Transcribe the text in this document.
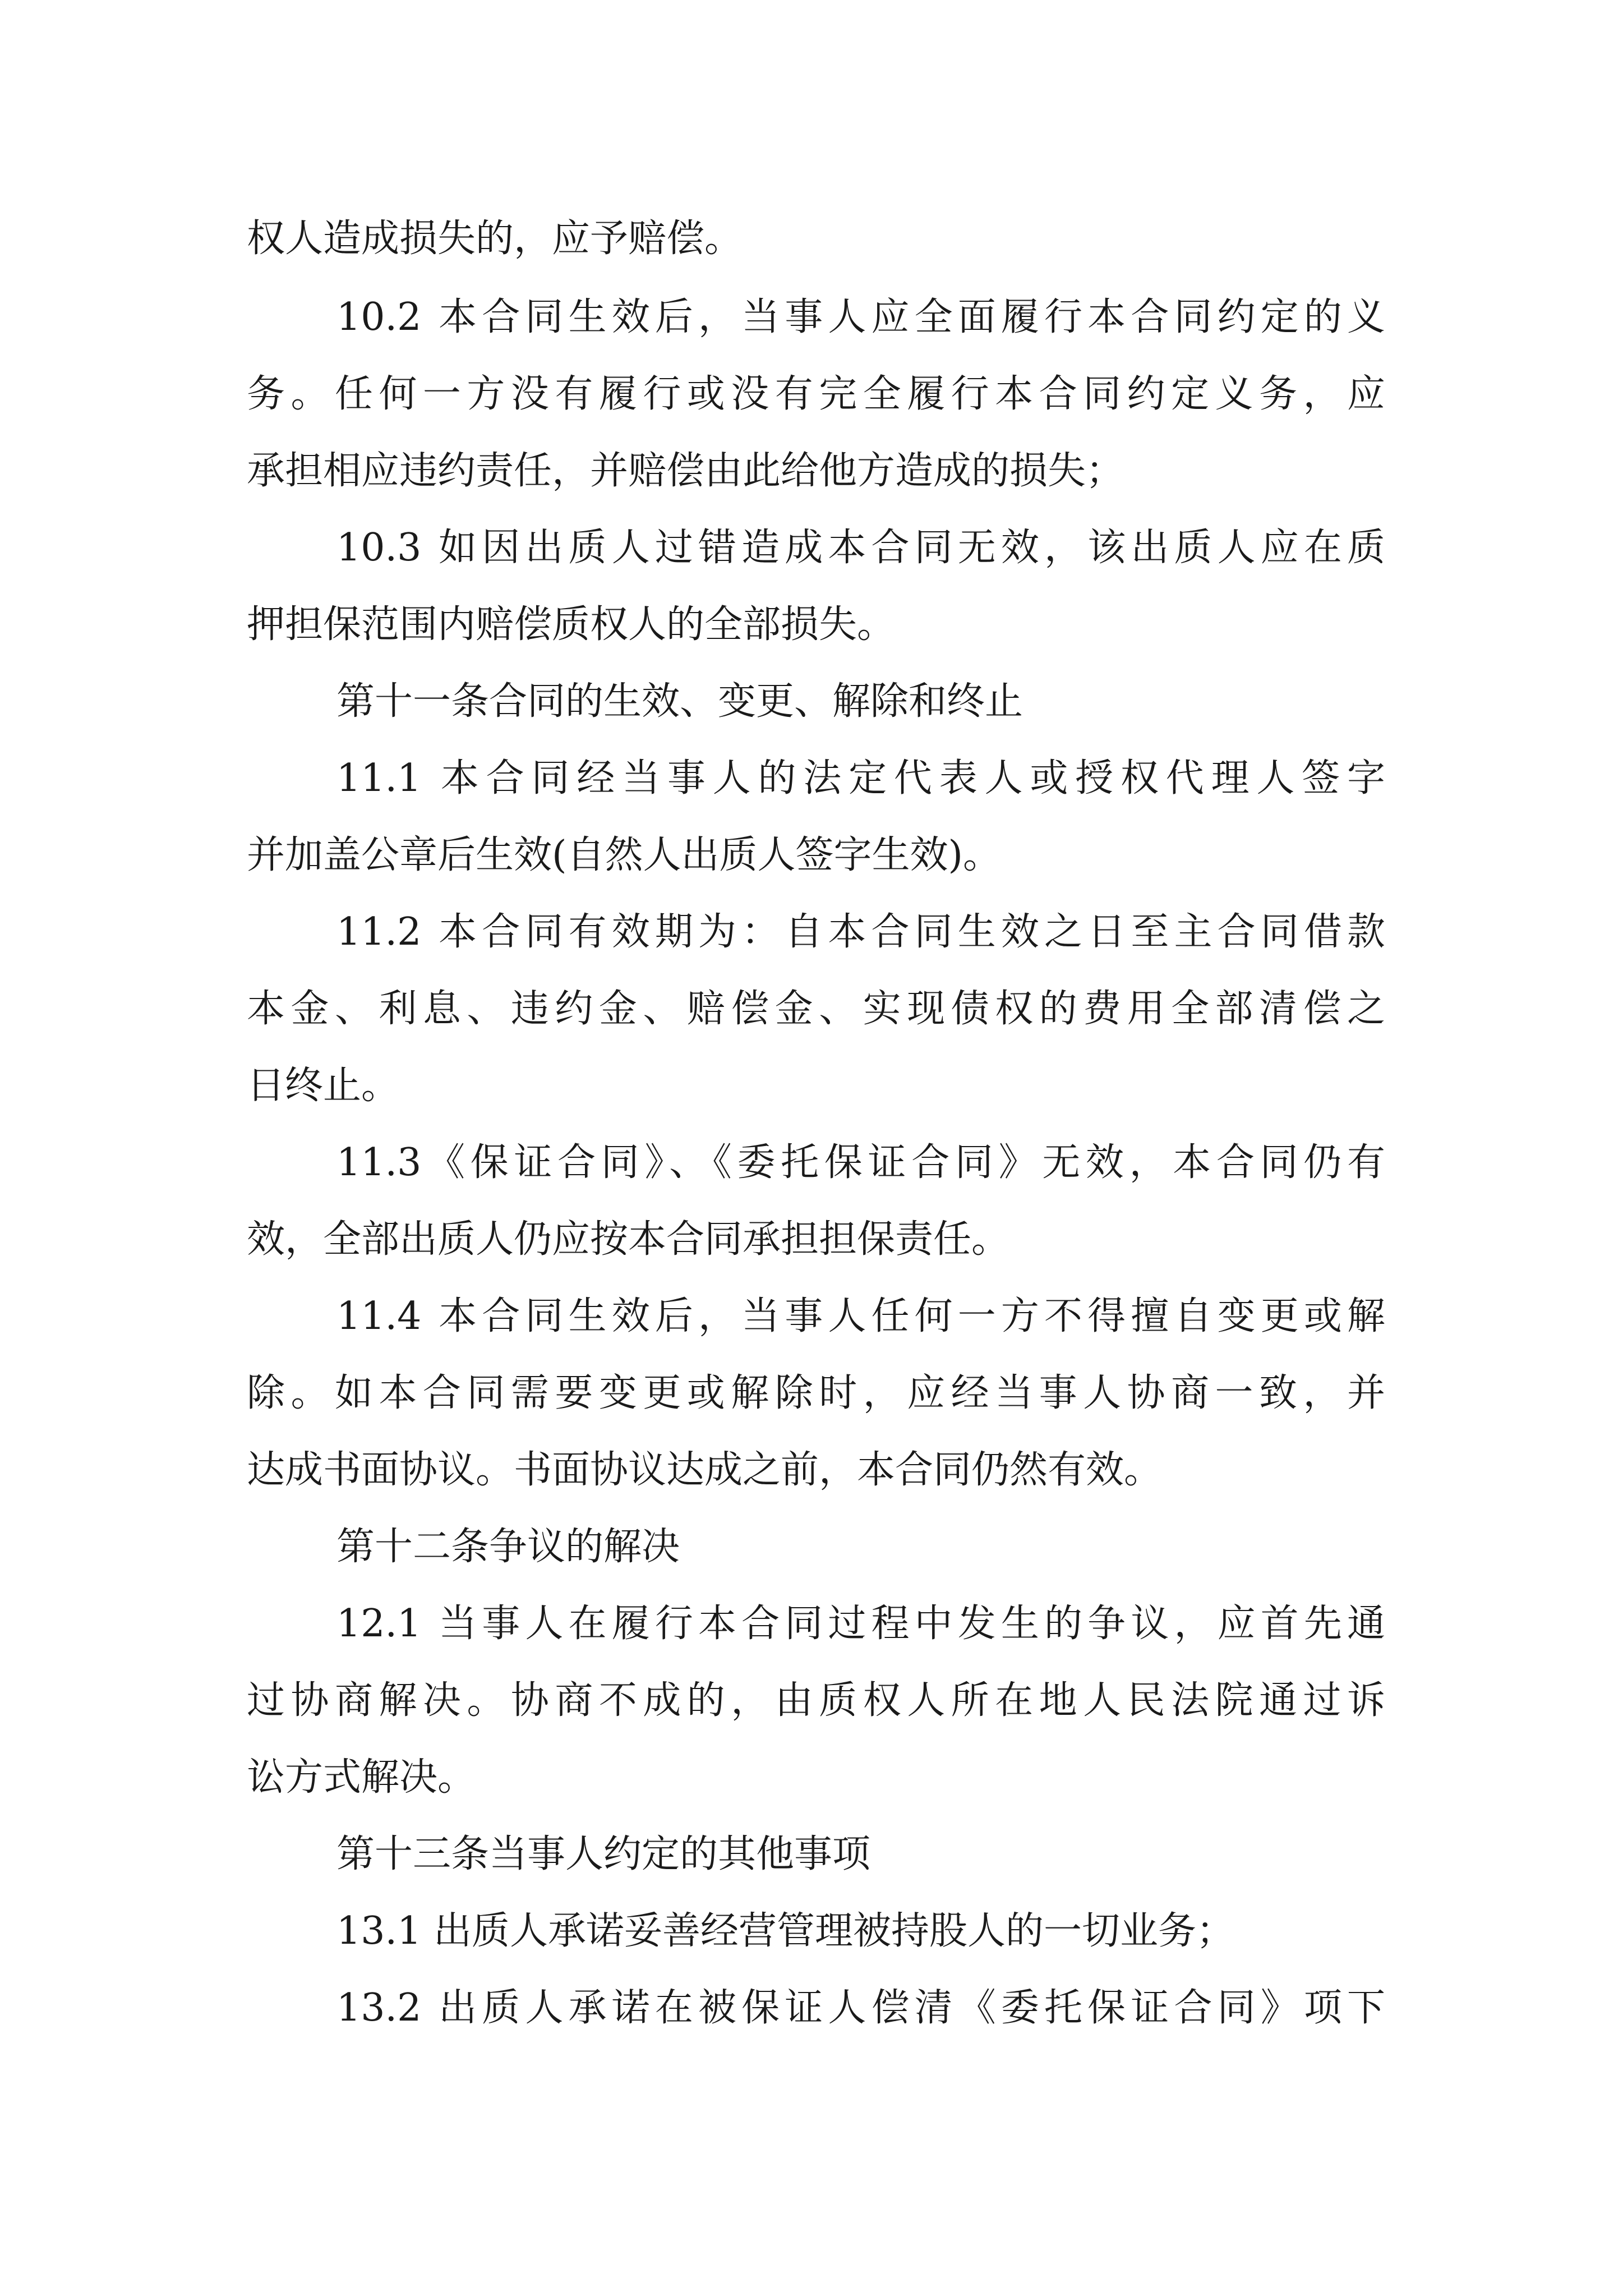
权人造成损失的，应予赔偿。
10.2 本合同生效后，当事人应全面履行本合同约定的义
务。任何一方没有履行或没有完全履行本合同约定义务，应
承担相应违约责任，并赔偿由此给他方造成的损失；
10.3 如因出质人过错造成本合同无效，该出质人应在质
押担保范围内赔偿质权人的全部损失。
第十一条合同的生效、变更、解除和终止
11.1 本合同经当事人的法定代表人或授权代理人签字
并加盖公章后生效(自然人出质人签字生效)。
11.2 本合同有效期为：自本合同生效之日至主合同借款
本金、利息、违约金、赔偿金、实现债权的费用全部清偿之
日终止。
11.3《保证合同》、《委托保证合同》无效，本合同仍有
效，全部出质人仍应按本合同承担担保责任。
11.4 本合同生效后，当事人任何一方不得擅自变更或解
除。如本合同需要变更或解除时，应经当事人协商一致，并
达成书面协议。书面协议达成之前，本合同仍然有效。
第十二条争议的解决
12.1 当事人在履行本合同过程中发生的争议，应首先通
过协商解决。协商不成的，由质权人所在地人民法院通过诉
讼方式解决。
第十三条当事人约定的其他事项
13.1 出质人承诺妥善经营管理被持股人的一切业务；
13.2 出质人承诺在被保证人偿清《委托保证合同》项下
